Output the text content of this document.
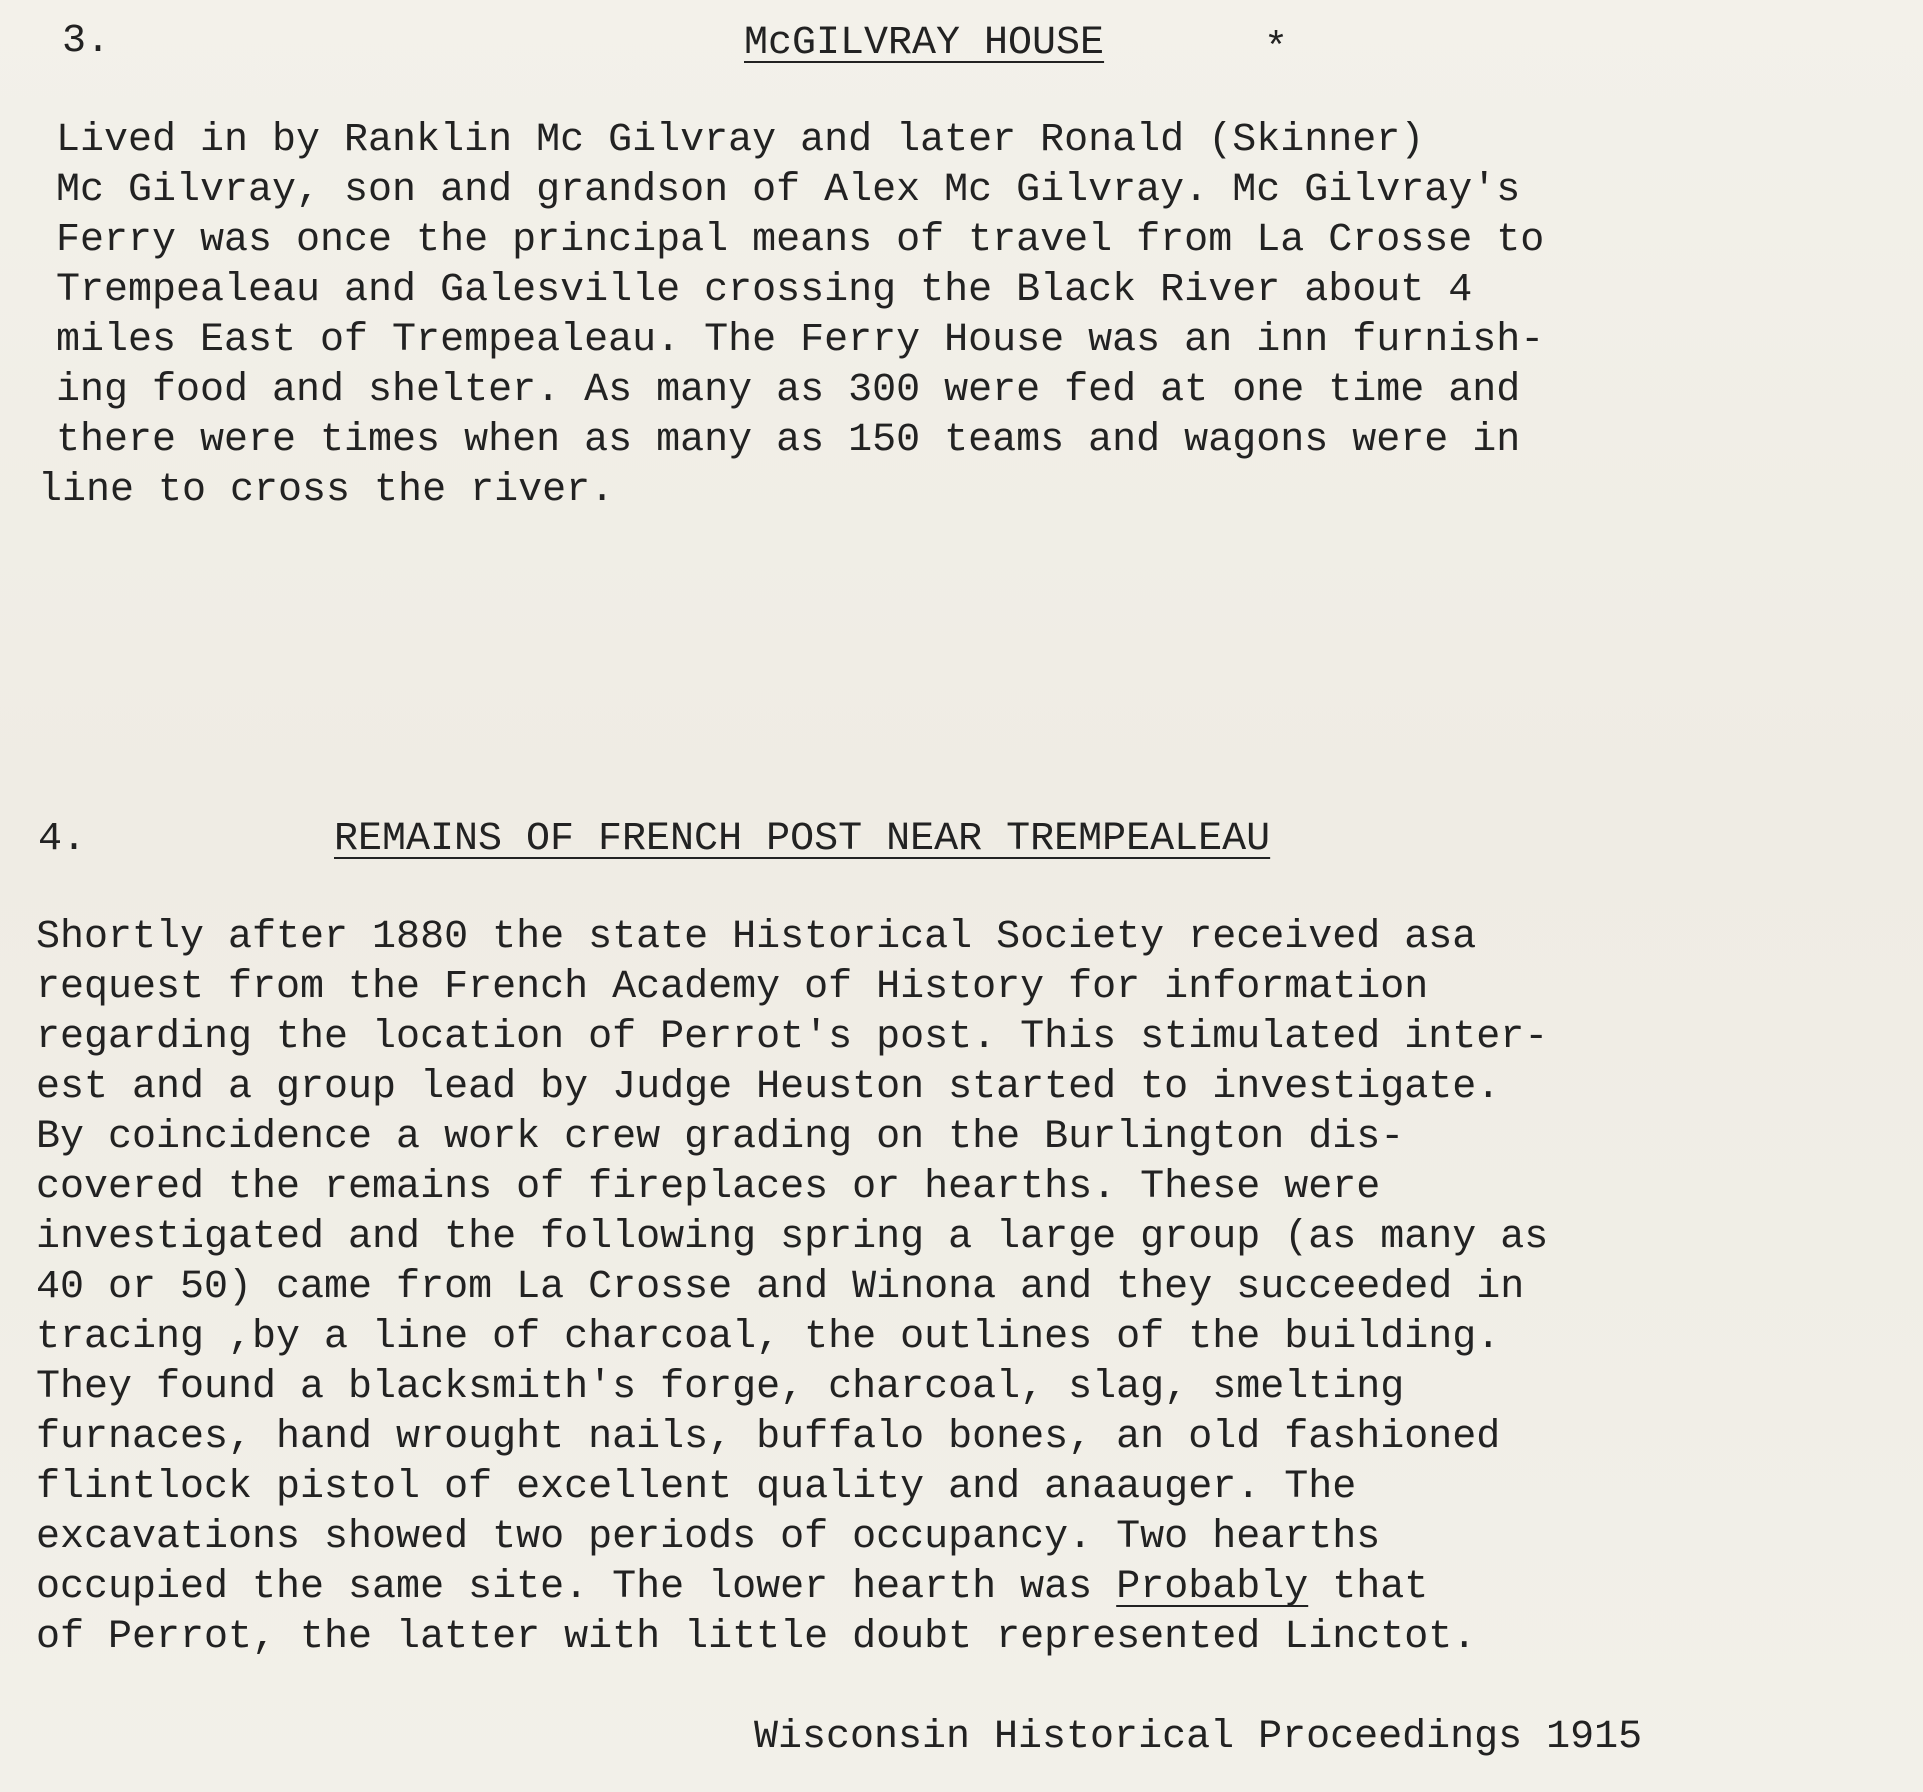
3.	McGILVRAY HOUSE	*
Lived in by Ranklin Mc Gilvray and later Ronald (Skinner)
Mc Gilvray, son and grandson of Alex Mc Gilvray. Mc Gilvray's
Ferry was once the principal means of travel from La Crosse to
Trempealeau and Galesville crossing the Black River about 4
miles East of Trempealeau. The Ferry House was an inn furnish-
ing food and shelter. As many as 300 were fed at one time and
there were times when as many as 150 teams and wagons were in
line to cross the river.
4.	REMAINS OF FRENCH POST NEAR TREMPEALEAU
Shortly after 1880 the state Historical Society received asa
request from the French Academy of History for information
regarding the location of Perrot's post. This stimulated inter-
est and a group lead by Judge Heuston started to investigate.
By coincidence a work crew grading on the Burlington dis-
covered the remains of fireplaces or hearths. These were
investigated and the following spring a large group (as many as
40 or 50) came from La Crosse and Winona and they succeeded in
tracing ,by a line of charcoal, the outlines of the building.
They found a blacksmith's forge, charcoal, slag, smelting
furnaces, hand wrought nails, buffalo bones, an old fashioned
flintlock pistol of excellent quality and anaauger. The
excavations showed two periods of occupancy. Two hearths
occupied the same site. The lower hearth was Probably that
of Perrot, the latter with little doubt represented Linctot.
Wisconsin Historical Proceedings 1915
